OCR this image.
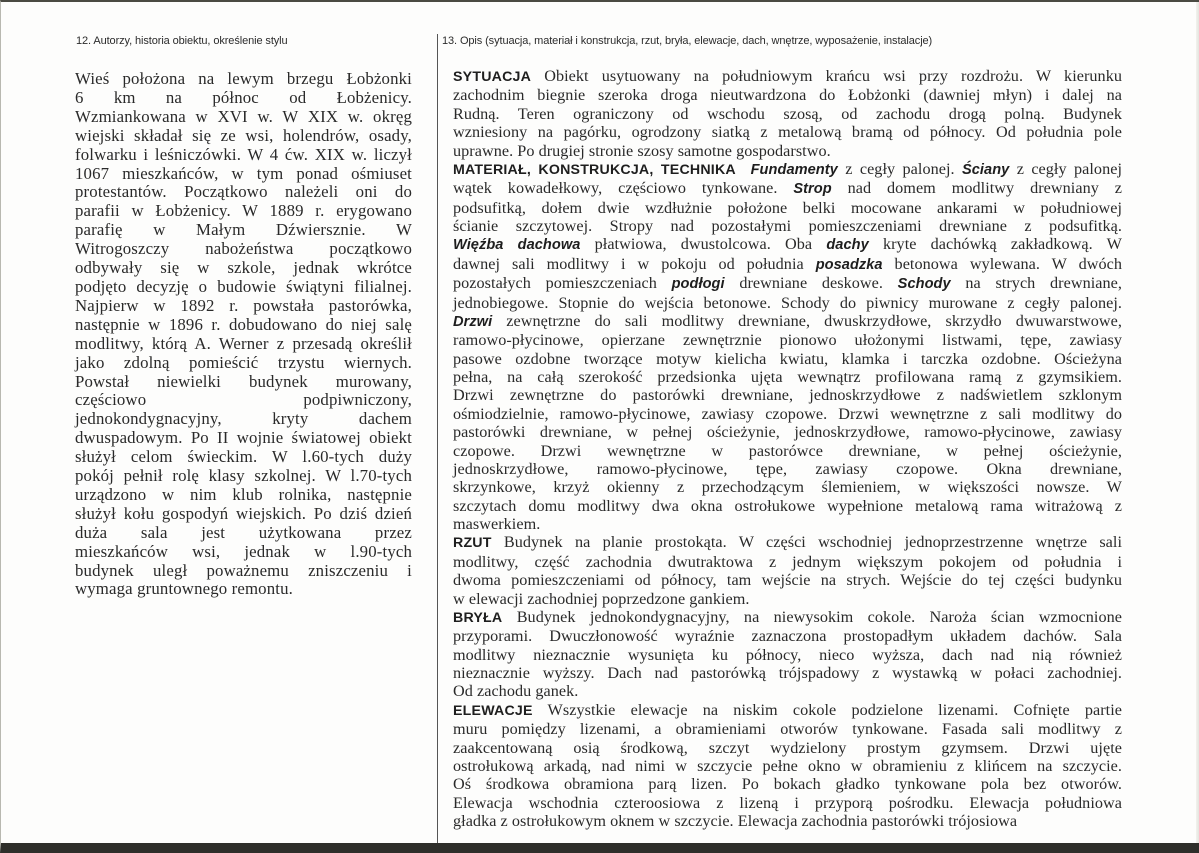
12. Autorzy, historia obiektu, określenie stylu
Wieś położona na lewym brzegu Łobżonki
6 km na północ od Łobżenicy.
Wzmiankowana w XVI w. W XIX w. okręg
wiejski składał się ze wsi, holendrów, osady,
folwarku i leśniczówki. W 4 ćw. XIX w. liczył
1067 mieszkańców, w tym ponad ośmiuset
protestantów. Początkowo należeli oni do
parafii w Łobżenicy. W 1889 r. erygowano
parafię w Małym Dźwiersznie. W
Witrogoszczy nabożeństwa początkowo
odbywały się w szkole, jednak wkrótce
podjęto decyzję o budowie świątyni filialnej.
Najpierw w 1892 r. powstała pastorówka,
następnie w 1896 r. dobudowano do niej salę
modlitwy, którą A. Werner z przesadą określił
jako zdolną pomieścić trzystu wiernych.
Powstał niewielki budynek murowany,
częściowo podpiwniczony,
jednokondygnacyjny, kryty dachem
dwuspadowym. Po II wojnie światowej obiekt
służył celom świeckim. W l.60-tych duży
pokój pełnił rolę klasy szkolnej. W l.70-tych
urządzono w nim klub rolnika, następnie
służył kołu gospodyń wiejskich. Po dziś dzień
duża sala jest użytkowana przez
mieszkańców wsi, jednak w l.90-tych
budynek uległ poważnemu zniszczeniu i
wymaga gruntownego remontu.
13. Opis (sytuacja, materiał i konstrukcja, rzut, bryła, elewacje, dach, wnętrze, wyposażenie, instalacje)
SYTUACJA Obiekt usytuowany na południowym krańcu wsi przy rozdrożu. W kierunku
zachodnim biegnie szeroka droga nieutwardzona do Łobżonki (dawniej młyn) i dalej na
Rudną. Teren ograniczony od wschodu szosą, od zachodu drogą polną. Budynek
wzniesiony na pagórku, ogrodzony siatką z metalową bramą od północy. Od południa pole
uprawne. Po drugiej stronie szosy samotne gospodarstwo.
MATERIAŁ, KONSTRUKCJA, TECHNIKA Fundamenty z cegły palonej. Ściany z cegły palonej
wątek kowadełkowy, częściowo tynkowane. Strop nad domem modlitwy drewniany z
podsufitką, dołem dwie wzdłużnie położone belki mocowane ankarami w południowej
ścianie szczytowej. Stropy nad pozostałymi pomieszczeniami drewniane z podsufitką.
Więźba dachowa płatwiowa, dwustolcowa. Oba dachy kryte dachówką zakładkową. W
dawnej sali modlitwy i w pokoju od południa posadzka betonowa wylewana. W dwóch
pozostałych pomieszczeniach podłogi drewniane deskowe. Schody na strych drewniane,
jednobiegowe. Stopnie do wejścia betonowe. Schody do piwnicy murowane z cegły palonej.
Drzwi zewnętrzne do sali modlitwy drewniane, dwuskrzydłowe, skrzydło dwuwarstwowe,
ramowo-płycinowe, opierzane zewnętrznie pionowo ułożonymi listwami, tępe, zawiasy
pasowe ozdobne tworzące motyw kielicha kwiatu, klamka i tarczka ozdobne. Ościeżyna
pełna, na całą szerokość przedsionka ujęta wewnątrz profilowana ramą z gzymsikiem.
Drzwi zewnętrzne do pastorówki drewniane, jednoskrzydłowe z nadświetlem szklonym
ośmiodzielnie, ramowo-płycinowe, zawiasy czopowe. Drzwi wewnętrzne z sali modlitwy do
pastorówki drewniane, w pełnej ościeżynie, jednoskrzydłowe, ramowo-płycinowe, zawiasy
czopowe. Drzwi wewnętrzne w pastorówce drewniane, w pełnej ościeżynie,
jednoskrzydłowe, ramowo-płycinowe, tępe, zawiasy czopowe. Okna drewniane,
skrzynkowe, krzyż okienny z przechodzącym ślemieniem, w większości nowsze. W
szczytach domu modlitwy dwa okna ostrołukowe wypełnione metalową rama witrażową z
maswerkiem.
RZUT Budynek na planie prostokąta. W części wschodniej jednoprzestrzenne wnętrze sali
modlitwy, część zachodnia dwutraktowa z jednym większym pokojem od południa i
dwoma pomieszczeniami od północy, tam wejście na strych. Wejście do tej części budynku
w elewacji zachodniej poprzedzone gankiem.
BRYŁA Budynek jednokondygnacyjny, na niewysokim cokole. Naroża ścian wzmocnione
przyporami. Dwuczłonowość wyraźnie zaznaczona prostopadłym układem dachów. Sala
modlitwy nieznacznie wysunięta ku północy, nieco wyższa, dach nad nią również
nieznacznie wyższy. Dach nad pastorówką trójspadowy z wystawką w połaci zachodniej.
Od zachodu ganek.
ELEWACJE Wszystkie elewacje na niskim cokole podzielone lizenami. Cofnięte partie
muru pomiędzy lizenami, a obramieniami otworów tynkowane. Fasada sali modlitwy z
zaakcentowaną osią środkową, szczyt wydzielony prostym gzymsem. Drzwi ujęte
ostrołukową arkadą, nad nimi w szczycie pełne okno w obramieniu z klińcem na szczycie.
Oś środkowa obramiona parą lizen. Po bokach gładko tynkowane pola bez otworów.
Elewacja wschodnia czteroosiowa z lizeną i przyporą pośrodku. Elewacja południowa
gładka z ostrołukowym oknem w szczycie. Elewacja zachodnia pastorówki trójosiowa
